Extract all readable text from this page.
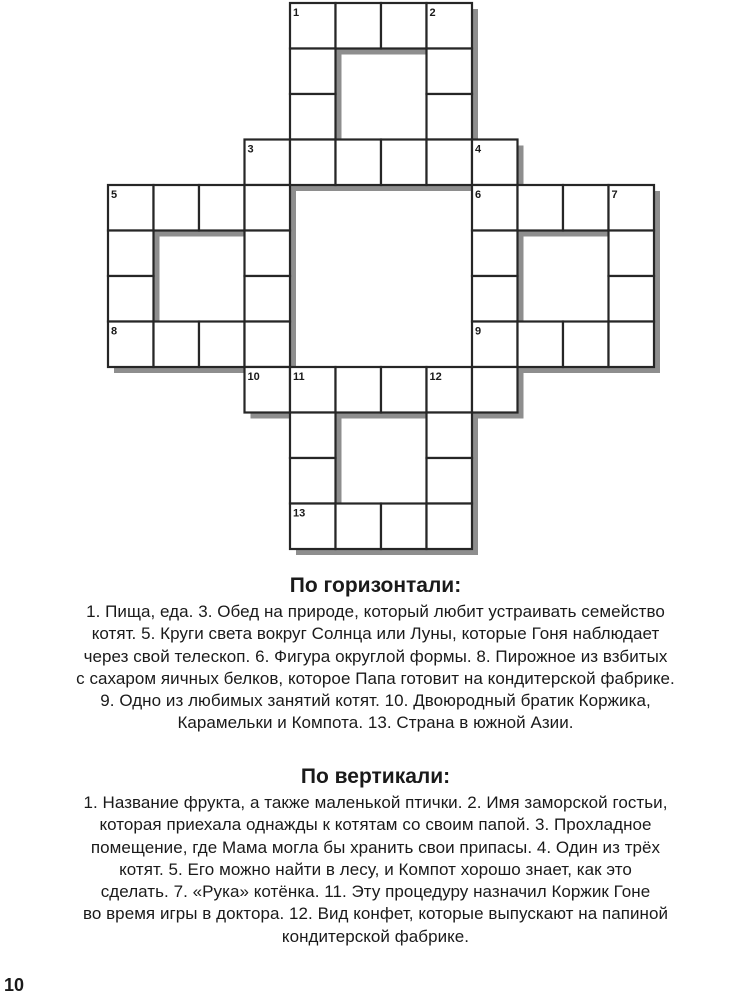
1	2
3	4
5	6	7
8	9
10	11	12
13
По горизонтали:
1. Пища, еда. 3. Обед на природе, который любит устраивать семейство
котят. 5. Круги света вокруг Солнца или Луны, которые Гоня наблюдает
через свой телескоп. 6. Фигура округлой формы. 8. Пирожное из взбитых
с сахаром яичных белков, которое Папа готовит на кондитерской фабрике.
9. Одно из любимых занятий котят. 10. Двоюродный братик Коржика,
Карамельки и Компота. 13. Страна в южной Азии.
По вертикали:
1. Название фрукта, а также маленькой птички. 2. Имя заморской гостьи,
которая приехала однажды к котятам со своим папой. 3. Прохладное
помещение, где Мама могла бы хранить свои припасы. 4. Один из трёх
котят. 5. Его можно найти в лесу, и Компот хорошо знает, как это
сделать. 7. «Рука» котёнка. 11. Эту процедуру назначил Коржик Гоне
во время игры в доктора. 12. Вид конфет, которые выпускают на папиной
кондитерской фабрике.
10
